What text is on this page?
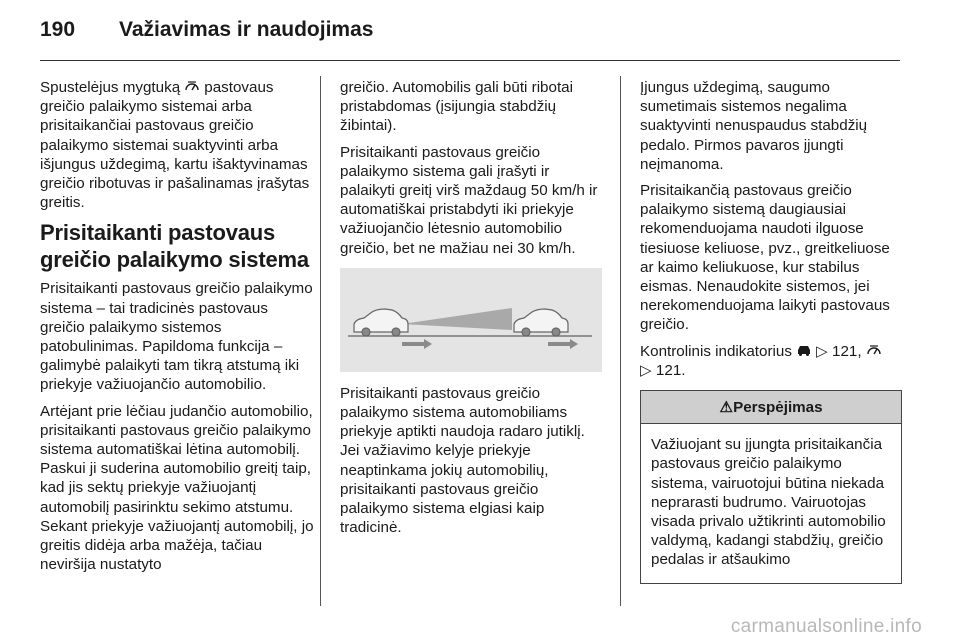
190 Važiavimas ir naudojimas

Spustelėjus mygtuką pastovaus greičio palaikymo sistemai arba prisitaikančiai pastovaus greičio palaikymo sistemai suaktyvinti arba išjungus uždegimą, kartu išaktyvinamas greičio ribotuvas ir pašalinamas įrašytas greitis.

Prisitaikanti pastovaus greičio palaikymo sistema

Prisitaikanti pastovaus greičio palaikymo sistema – tai tradicinės pastovaus greičio palaikymo sistemos patobulinimas. Papildoma funkcija – galimybė palaikyti tam tikrą atstumą iki priekyje važiuojančio automobilio.

Artėjant prie lėčiau judančio automobilio, prisitaikanti pastovaus greičio palaikymo sistema automatiškai lėtina automobilį. Paskui ji suderina automobilio greitį taip, kad jis sektų priekyje važiuojantį automobilį pasirinktu sekimo atstumu. Sekant priekyje važiuojantį automobilį, jo greitis didėja arba mažėja, tačiau neviršija nustatyto

greičio. Automobilis gali būti ribotai pristabdomas (įsijungia stabdžių žibintai).

Prisitaikanti pastovaus greičio palaikymo sistema gali įrašyti ir palaikyti greitį virš maždaug 50 km/h ir automatiškai pristabdyti iki priekyje važiuojančio lėtesnio automobilio greičio, bet ne mažiau nei 30 km/h.

Prisitaikanti pastovaus greičio palaikymo sistema automobiliams priekyje aptikti naudoja radaro jutiklį. Jei važiavimo kelyje priekyje neaptinkama jokių automobilių, prisitaikanti pastovaus greičio palaikymo sistema elgiasi kaip tradicinė.

Įjungus uždegimą, saugumo sumetimais sistemos negalima suaktyvinti nenuspaudus stabdžių pedalo. Pirmos pavaros įjungti neįmanoma.

Prisitaikančią pastovaus greičio palaikymo sistemą daugiausiai rekomenduojama naudoti ilguose tiesiuose keliuose, pvz., greitkeliuose ar kaimo keliukuose, kur stabilus eismas. Nenaudokite sistemos, jei nerekomenduojama laikyti pastovaus greičio.

Kontrolinis indikatorius ▷ 121,
▷ 121.

⚠Perspėjimas
Važiuojant su įjungta prisitaikančia pastovaus greičio palaikymo sistema, vairuotojui būtina niekada neprarasti budrumo. Vairuotojas visada privalo užtikrinti automobilio valdymą, kadangi stabdžių, greičio pedalas ir atšaukimo
carmanualsonline.info
